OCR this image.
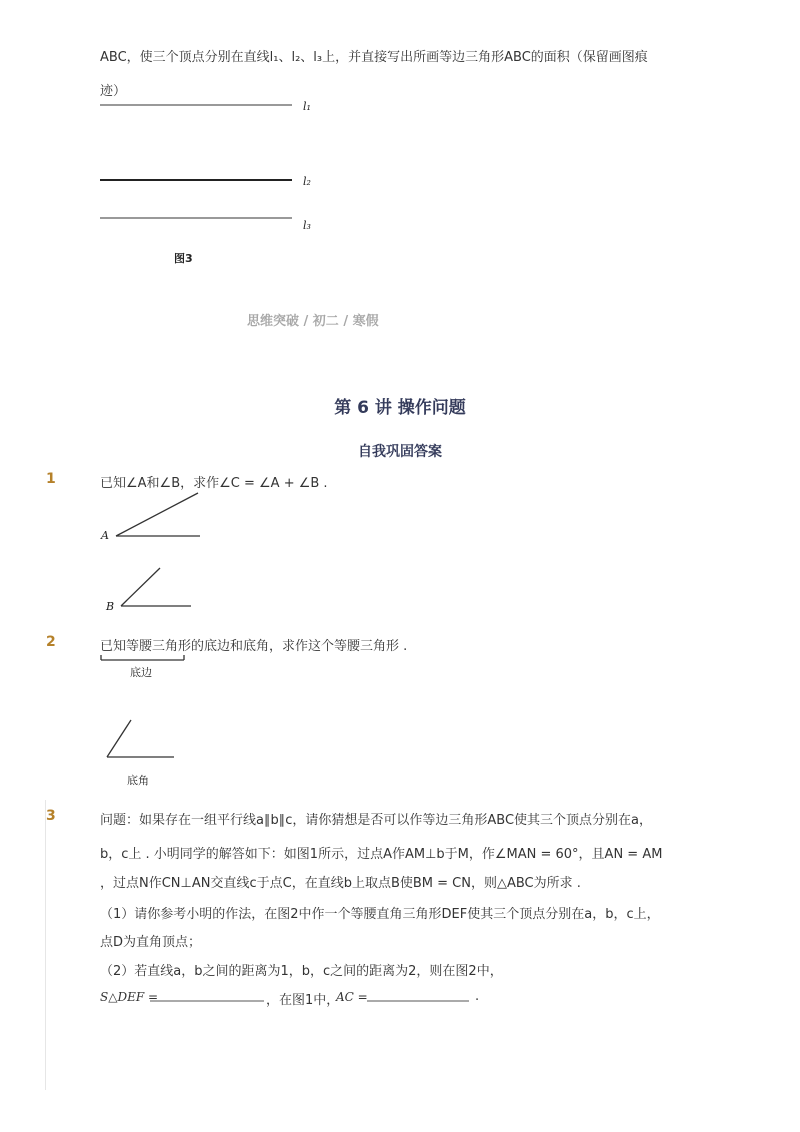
ABC，使三个顶点分别在直线l₁、l₂、l₃上，并直接写出所画等边三角形ABC的面积（保留画图痕
迹）
l₁
l₂
l₃
图3
思维突破 / 初二 / 寒假
第 6 讲 操作问题
自我巩固答案
1	已知∠A和∠B，求作∠C = ∠A + ∠B .
A
B
2	已知等腰三角形的底边和底角，求作这个等腰三角形 .
底边
底角
3	问题：如果存在一组平行线a∥b∥c，请你猜想是否可以作等边三角形ABC使其三个顶点分别在a，
b，c上 . 小明同学的解答如下：如图1所示，过点A作AM⊥b于M，作∠MAN = 60°，且AN = AM
，过点N作CN⊥AN交直线c于点C，在直线b上取点B使BM = CN，则△ABC为所求 .
（1）请你参考小明的作法，在图2中作一个等腰直角三角形DEF使其三个顶点分别在a，b，c上，
点D为直角顶点；
（2）若直线a，b之间的距离为1，b，c之间的距离为2，则在图2中，
S△DEF =	，在图1中，
AC =	.
